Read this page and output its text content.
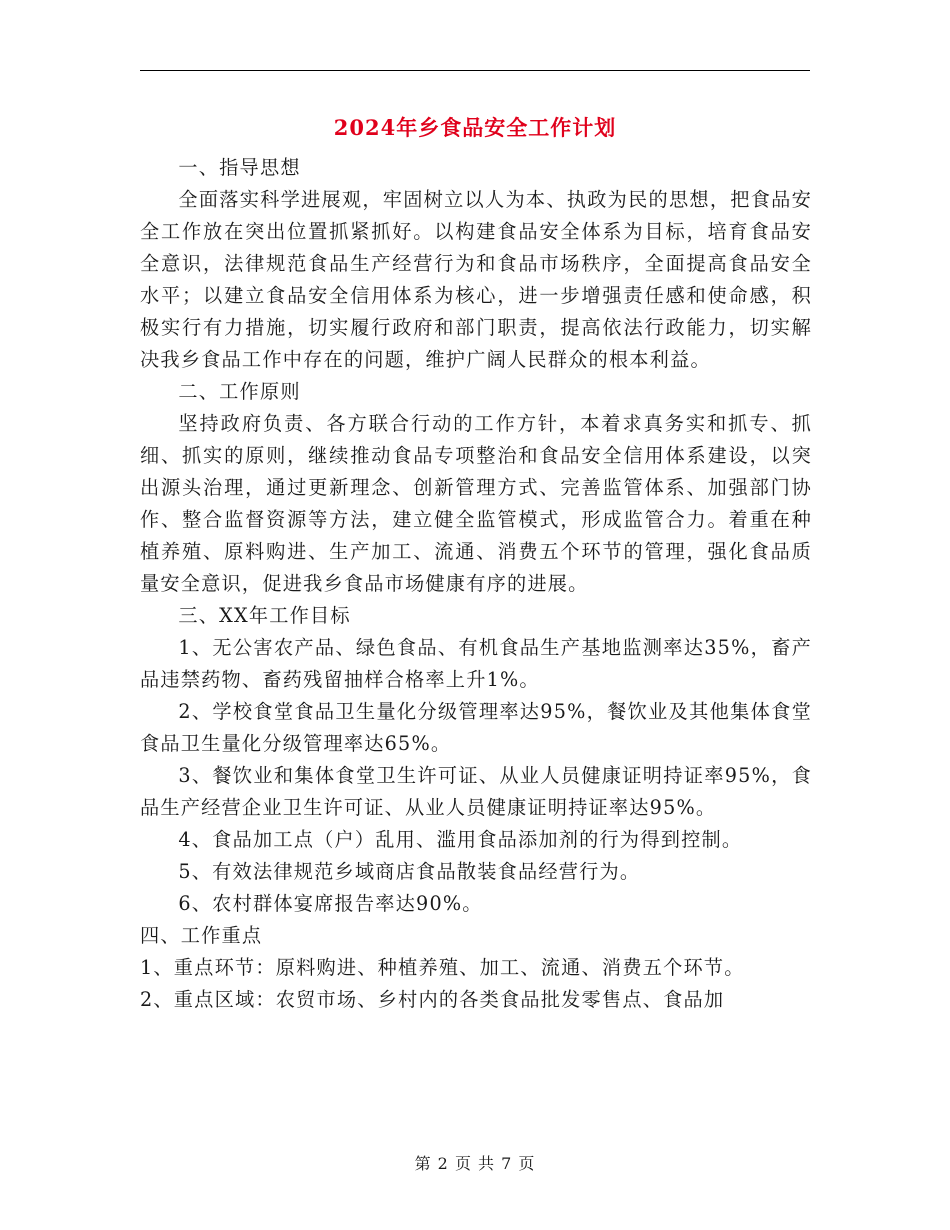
2024年乡食品安全工作计划

一、指导思想

全面落实科学进展观，牢固树立以人为本、执政为民的思想，把食品安全工作放在突出位置抓紧抓好。以构建食品安全体系为目标，培育食品安全意识，法律规范食品生产经营行为和食品市场秩序，全面提高食品安全水平；以建立食品安全信用体系为核心，进一步增强责任感和使命感，积极实行有力措施，切实履行政府和部门职责，提高依法行政能力，切实解决我乡食品工作中存在的问题，维护广阔人民群众的根本利益。

二、工作原则

坚持政府负责、各方联合行动的工作方针，本着求真务实和抓专、抓细、抓实的原则，继续推动食品专项整治和食品安全信用体系建设，以突出源头治理，通过更新理念、创新管理方式、完善监管体系、加强部门协作、整合监督资源等方法，建立健全监管模式，形成监管合力。着重在种植养殖、原料购进、生产加工、流通、消费五个环节的管理，强化食品质量安全意识，促进我乡食品市场健康有序的进展。

三、XX年工作目标

1、无公害农产品、绿色食品、有机食品生产基地监测率达35%，畜产品违禁药物、畜药残留抽样合格率上升1%。

2、学校食堂食品卫生量化分级管理率达95%，餐饮业及其他集体食堂食品卫生量化分级管理率达65%。

3、餐饮业和集体食堂卫生许可证、从业人员健康证明持证率95%，食品生产经营企业卫生许可证、从业人员健康证明持证率达95%。

4、食品加工点（户）乱用、滥用食品添加剂的行为得到控制。

5、有效法律规范乡域商店食品散装食品经营行为。

6、农村群体宴席报告率达90%。

四、工作重点

1、重点环节：原料购进、种植养殖、加工、流通、消费五个环节。

2、重点区域：农贸市场、乡村内的各类食品批发零售点、食品加

第 2 页 共 7 页
